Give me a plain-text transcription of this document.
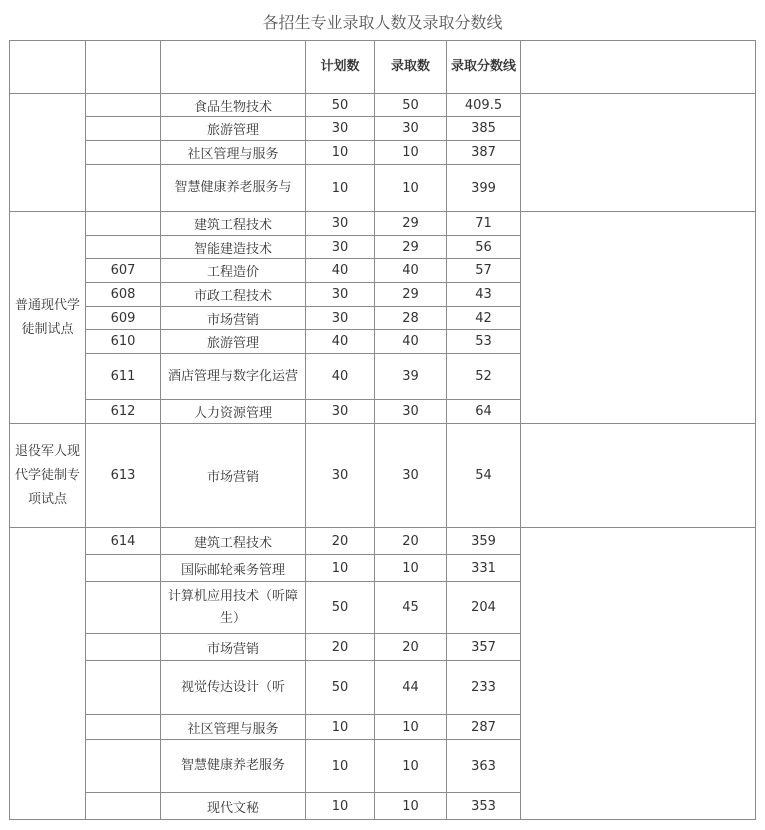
各招生专业录取人数及录取分数线
			计划数	录取数	录取分数线	
		食品生物技术	50	50	409.5	
		旅游管理	30	30	385	
		社区管理与服务	10	10	387	
		智慧健康养老服务与	10	10	399	
普通现代学徒制试点		建筑工程技术	30	29	71	
		智能建造技术	30	29	56	
	607	工程造价	40	40	57	
	608	市政工程技术	30	29	43	
	609	市场营销	30	28	42	
	610	旅游管理	40	40	53	
	611	酒店管理与数字化运营	40	39	52	
	612	人力资源管理	30	30	64	
退役军人现代学徒制专项试点	613	市场营销	30	30	54	
	614	建筑工程技术	20	20	359	
		国际邮轮乘务管理	10	10	331	
		计算机应用技术（听障生）	50	45	204	
		市场营销	20	20	357	
		视觉传达设计（听	50	44	233	
		社区管理与服务	10	10	287	
		智慧健康养老服务	10	10	363	
		现代文秘	10	10	353	
